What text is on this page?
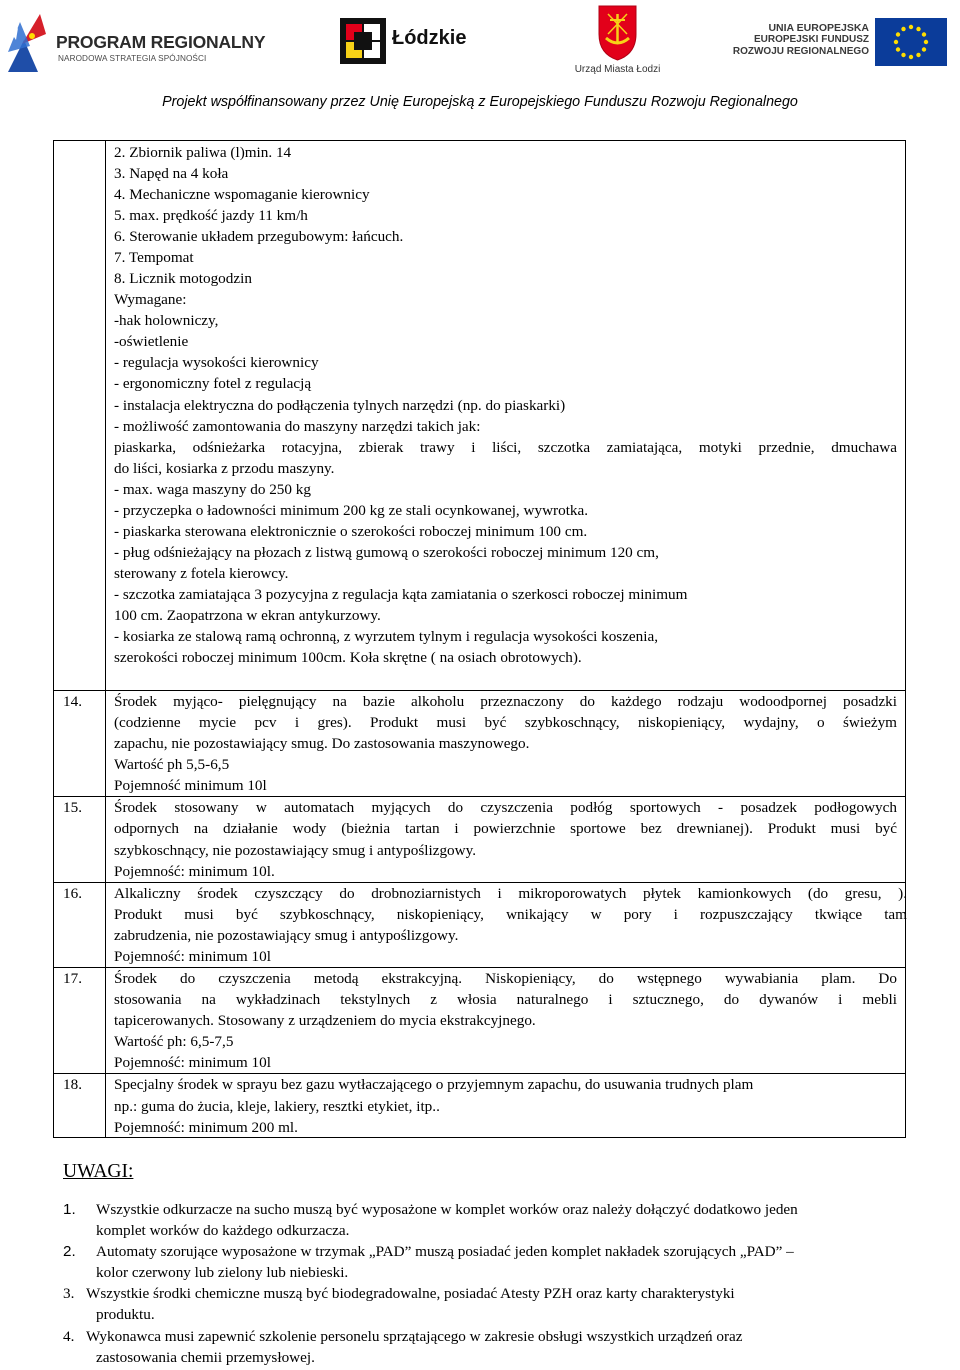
PROGRAM REGIONALNY
NARODOWA STRATEGIA SPÓJNOŚCI
Łódzkie
Urząd Miasta Łodzi
UNIA EUROPEJSKA
EUROPEJSKI FUNDUSZ
ROZWOJU REGIONALNEGO
Projekt współfinansowany przez Unię Europejską z Europejskiego Funduszu Rozwoju Regionalnego
2. Zbiornik paliwa (l)min. 14
3. Napęd na 4 koła
4. Mechaniczne wspomaganie kierownicy
5. max. prędkość jazdy 11 km/h
6. Sterowanie układem przegubowym: łańcuch.
7. Tempomat
8. Licznik motogodzin
Wymagane:
-hak holowniczy,
-oświetlenie
- regulacja wysokości kierownicy
- ergonomiczny fotel z regulacją
- instalacja elektryczna do podłączenia tylnych narzędzi (np. do piaskarki)
- możliwość zamontowania do maszyny narzędzi takich jak:
piaskarka, odśnieżarka rotacyjna, zbierak trawy i liści, szczotka zamiatająca, motyki przednie, dmuchawa
do liści, kosiarka z przodu maszyny.
- max. waga maszyny do 250 kg
- przyczepka o ładowności minimum 200 kg ze stali ocynkowanej, wywrotka.
- piaskarka sterowana elektronicznie o szerokości roboczej minimum 100 cm.
- pług odśnieżający na płozach z listwą gumową o szerokości roboczej minimum 120 cm,
sterowany z fotela kierowcy.
- szczotka zamiatająca 3 pozycyjna z regulacja kąta zamiatania o szerkosci roboczej minimum
100 cm. Zaopatrzona w ekran antykurzowy.
- kosiarka ze stalową ramą ochronną, z wyrzutem tylnym i regulacja wysokości koszenia,
szerokości roboczej minimum 100cm. Koła skrętne ( na osiach obrotowych).
14. Środek myjąco- pielęgnujący na bazie alkoholu przeznaczony do każdego rodzaju wodoodpornej posadzki
(codzienne mycie pcv i gres). Produkt musi być szybkoschnący, niskopieniący, wydajny, o świeżym
zapachu, nie pozostawiający smug. Do zastosowania maszynowego.
Wartość ph 5,5-6,5
Pojemność minimum 10l
15. Środek stosowany w automatach myjących do czyszczenia podłóg sportowych - posadzek podłogowych
odpornych na działanie wody (bieżnia tartan i powierzchnie sportowe bez drewnianej). Produkt musi być
szybkoschnący, nie pozostawiający smug i antypoślizgowy.
Pojemność: minimum 10l.
16. Alkaliczny środek czyszczący do drobnoziarnistych i mikroporowatych płytek kamionkowych (do gresu, ).
Produkt musi być szybkoschnący, niskopieniący, wnikający w pory i rozpuszczający tkwiące tam
zabrudzenia, nie pozostawiający smug i antypoślizgowy.
Pojemność: minimum 10l
17. Środek do czyszczenia metodą ekstrakcyjną. Niskopieniący, do wstępnego wywabiania plam. Do
stosowania na wykładzinach tekstylnych z włosia naturalnego i sztucznego, do dywanów i mebli
tapicerowanych. Stosowany z urządzeniem do mycia ekstrakcyjnego.
Wartość ph: 6,5-7,5
Pojemność: minimum 10l
18. Specjalny środek w sprayu bez gazu wytłaczającego o przyjemnym zapachu, do usuwania trudnych plam
np.: guma do żucia, kleje, lakiery, resztki etykiet, itp..
Pojemność: minimum 200 ml.
UWAGI:
1. Wszystkie odkurzacze na sucho muszą być wyposażone w komplet worków oraz należy dołączyć dodatkowo jeden
komplet worków do każdego odkurzacza.
2. Automaty szorujące wyposażone w trzymak „PAD” muszą posiadać jeden komplet nakładek szorujących „PAD” –
kolor czerwony lub zielony lub niebieski.
3. Wszystkie środki chemiczne muszą być biodegradowalne, posiadać Atesty PZH oraz karty charakterystyki
produktu.
4. Wykonawca musi zapewnić szkolenie personelu sprzątającego w zakresie obsługi wszystkich urządzeń oraz
zastosowania chemii przemysłowej.
